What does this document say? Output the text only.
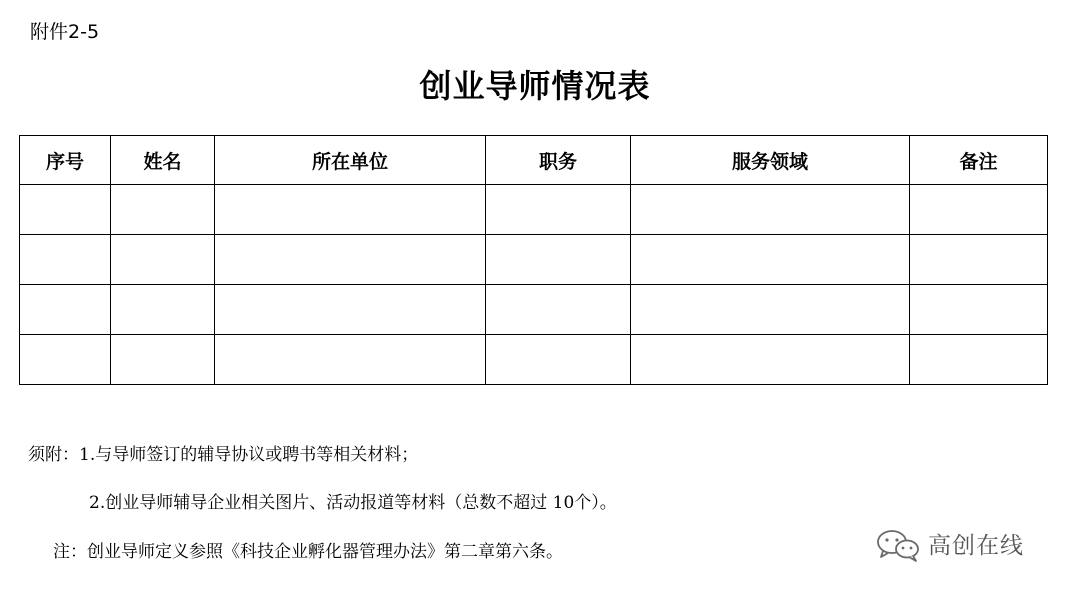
附件2-5
创业导师情况表
序号	姓名	所在单位	职务	服务领域	备注

须附：1.与导师签订的辅导协议或聘书等相关材料；
2.创业导师辅导企业相关图片、活动报道等材料（总数不超过 10个）。
注：创业导师定义参照《科技企业孵化器管理办法》第二章第六条。	高创在线
